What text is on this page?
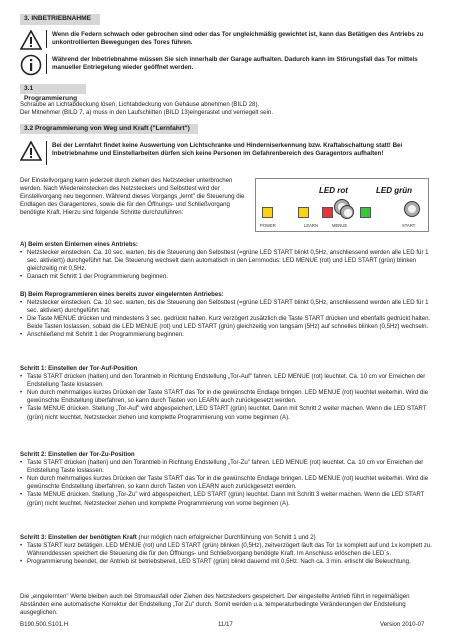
3. INBETRIEBNAHME
Wenn die Federn schwach oder gebrochen sind oder das Tor ungleichmäßig gewichtet ist, kann das Betätigen des Antriebs zu unkontrollierten Bewegungen des Tores führen.
Während der Inbetriebnahme müssen Sie sich innerhalb der Garage aufhalten. Dadurch kann im Störungsfall das Tor mittels manueller Entriegelung wieder geöffnet werden.
3.1 Programmierung
Schraube an Lichtabdeckung lösen, Lichtabdeckung von Gehäuse abnehmen (BILD 28).
Der Mitnehmer (BILD 7, a) muss in den Laufschlitten (BILD 13)eingerastet und verriegelt sein.
3.2 Programmierung von Weg und Kraft ("Lernfahrt")
Bei der Lernfahrt findet keine Auswertung von Lichtschranke und Hinderniserkennung bzw. Kraftabschaltung statt! Bei Inbetriebnahme und Einstellarbeiten dürfen sich keine Personen im Gefahrenbereich des Garagentors aufhalten!
Der Einstellvorgang kann jederzeit durch ziehen des Netzstecker unterbrochen werden. Nach Wiedereinstecken des Netzsteckers und Selbsttest wird der Einstellvorgang neu begonnen. Während dieses Vorgangs „lernt" die Steuerung die Endlagen des Garagentores, sowie die für den Öffnungs- und Schließvorgang benötigte Kraft. Hierzu sind folgende Schritte durchzuführen:
LED rot	LED grün
POWER	LEARN	MENUE	START
A) Beim ersten Einlernen eines Antriebs:
• Netzstecker einstecken. Ca. 10 sec. warten, bis die Steuerung den Selbsttest (=grüne LED START blinkt 0,5Hz, anschliessend werden alle LED für 1 sec. aktiviert)) durchgeführt hat. Die Steuerung wechselt dann automatisch in den Lernmodus: LED MENUE (rot) und LED START (grün) blinken gleichzeitig mit 0,5Hz.
• Danach mit Schritt 1 der Programmierung beginnen.
B) Beim Reprogrammieren eines bereits zuvor eingelernten Antriebes:
• Netzstecker einstecken. Ca. 10 sec. warten, bis die Steuerung den Selbsttest (=grüne LED START blinkt 0,5Hz, anschliessend werden alle LED für 1 sec. aktiviert) durchgeführt hat.
• Die Taste MENUE drücken und mindestens 3 sec. gedrückt halten. Kurz verzögert zusätzlich die Taste START drücken und ebenfalls gedrückt halten. Beide Tasten loslassen, sobald die LED MENUE (rot) und LED START (grün) gleichzeitig von langsam (5Hz) auf schnelles blinken (0,5Hz) wechseln.
• Anschließend mit Schritt 1 der Programmierung beginnen.
Schritt 1: Einstellen der Tor-Auf-Position
• Taste START drücken (halten) und den Torantrieb in Richtung Endstellung „Tor-Auf" fahren. LED MENUE (rot) leuchtet. Ca. 10 cm vor Erreichen der Endstellung Taste loslassen.
• Nun durch mehrmaliges kurzes Drücken der Taste START das Tor in die gewünschte Endlage bringen. LED MENUE (rot) leuchtet weiterhin. Wird die gewünschte Endstellung überfahren, so kann durch Tasten von LEARN auch zurückgesetzt werden.
• Taste MENUE drücken. Stellung „Tor-Auf" wird abgespeichert, LED START (grün) leuchtet. Dann mit Schritt 2 weiter machen. Wenn die LED START (grün) nicht leuchtet, Netzstecker ziehen und komplette Programmierung von vorne beginnen (A).
Schritt 2: Einstellen der Tor-Zu-Position
• Taste START drücken (halten) und den Torantrieb in Richtung Endstellung „Tor-Zu" fahren. LED MENUE (rot) leuchtet. Ca. 10 cm vor Erreichen der Endstellung Taste loslassen.
• Nun durch mehrmaliges kurzes Drücken der Taste START das Tor in die gewünschte Endlage bringen. LED MENUE (rot) leuchtet weiterhin. Wird die gewünschte Endstellung überfahren, so kann durch Tasten von LEARN auch zurückgesetzt werden.
• Taste MENUE drücken. Stellung „Tor-Zu" wird abgespeichert, LED START (grün) leuchtet. Dann mit Schritt 3 weiter machen. Wenn die LED START (grün) nicht leuchtet, Netzstecker ziehen und komplette Programmierung von vorne beginnen (A).
Schritt 3: Einstellen der benötigten Kraft (nur möglich nach erfolgreicher Durchführung von Schritt 1 und 2)
• Taste START kurz betätigen. LED MENUE (rot) und LED START (grün) blinken (0,5Hz), zeitverzögert läuft das Tor 1x komplett auf und 1x komplett zu. Währenddessen speichert die Steuerung die für den Öffnungs- und Schließvorgang benötigte Kraft. Im Anschluss erlöschen die LED´s.
• Programmierung beendet, der Antrieb ist betriebsbereit, LED START (grün) blinkt dauernd mit 0,5Hz. Nach ca. 3 min. erlischt die Beleuchtung.
Die „eingelernten" Werte bleiben auch bei Stromausfall oder Ziehen des Netzsteckers gespeichert. Der eingestellte Antrieb führt in regelmäßigen Abständen eine automatische Korrektur der Endstellung „Tor Zu" durch. Somit werden u.a. temperaturbedingte Veränderungen der Endstellung ausgeglichen.
B190.500.S101.H	11/17	Version 2010-07
